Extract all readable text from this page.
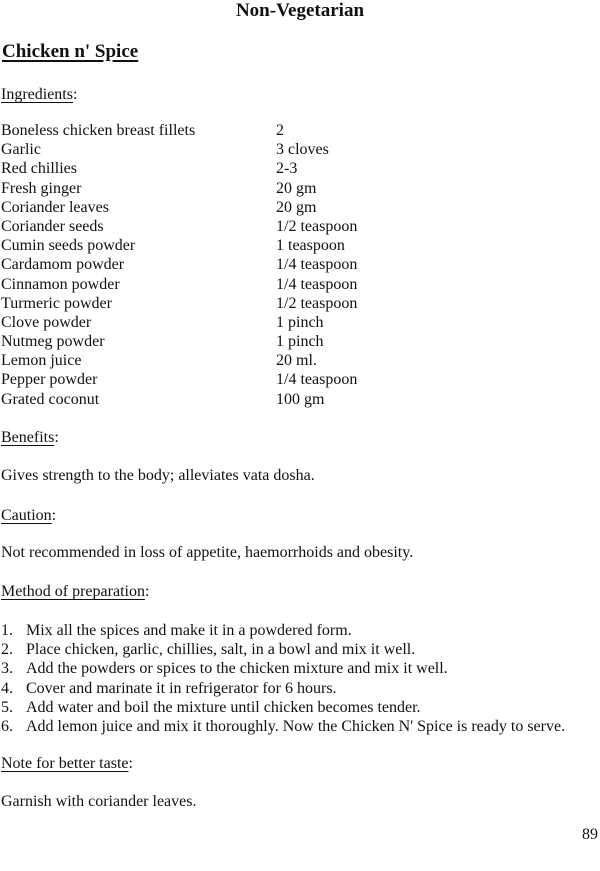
Non-Vegetarian
Chicken n' Spice
Ingredients:
Boneless chicken breast fillets	2
Garlic	3 cloves
Red chillies	2-3
Fresh ginger	20 gm
Coriander leaves	20 gm
Coriander seeds	1/2 teaspoon
Cumin seeds powder	1 teaspoon
Cardamom powder	1/4 teaspoon
Cinnamon powder	1/4 teaspoon
Turmeric powder	1/2 teaspoon
Clove powder	1 pinch
Nutmeg powder	1 pinch
Lemon juice	20 ml.
Pepper powder	1/4 teaspoon
Grated coconut	100 gm
Benefits:
Gives strength to the body; alleviates vata dosha.
Caution:
Not recommended in loss of appetite, haemorrhoids and obesity.
Method of preparation:
1. Mix all the spices and make it in a powdered form.
2. Place chicken, garlic, chillies, salt, in a bowl and mix it well.
3. Add the powders or spices to the chicken mixture and mix it well.
4. Cover and marinate it in refrigerator for 6 hours.
5. Add water and boil the mixture until chicken becomes tender.
6. Add lemon juice and mix it thoroughly. Now the Chicken N' Spice is ready to serve.
Note for better taste:
Garnish with coriander leaves.
89
